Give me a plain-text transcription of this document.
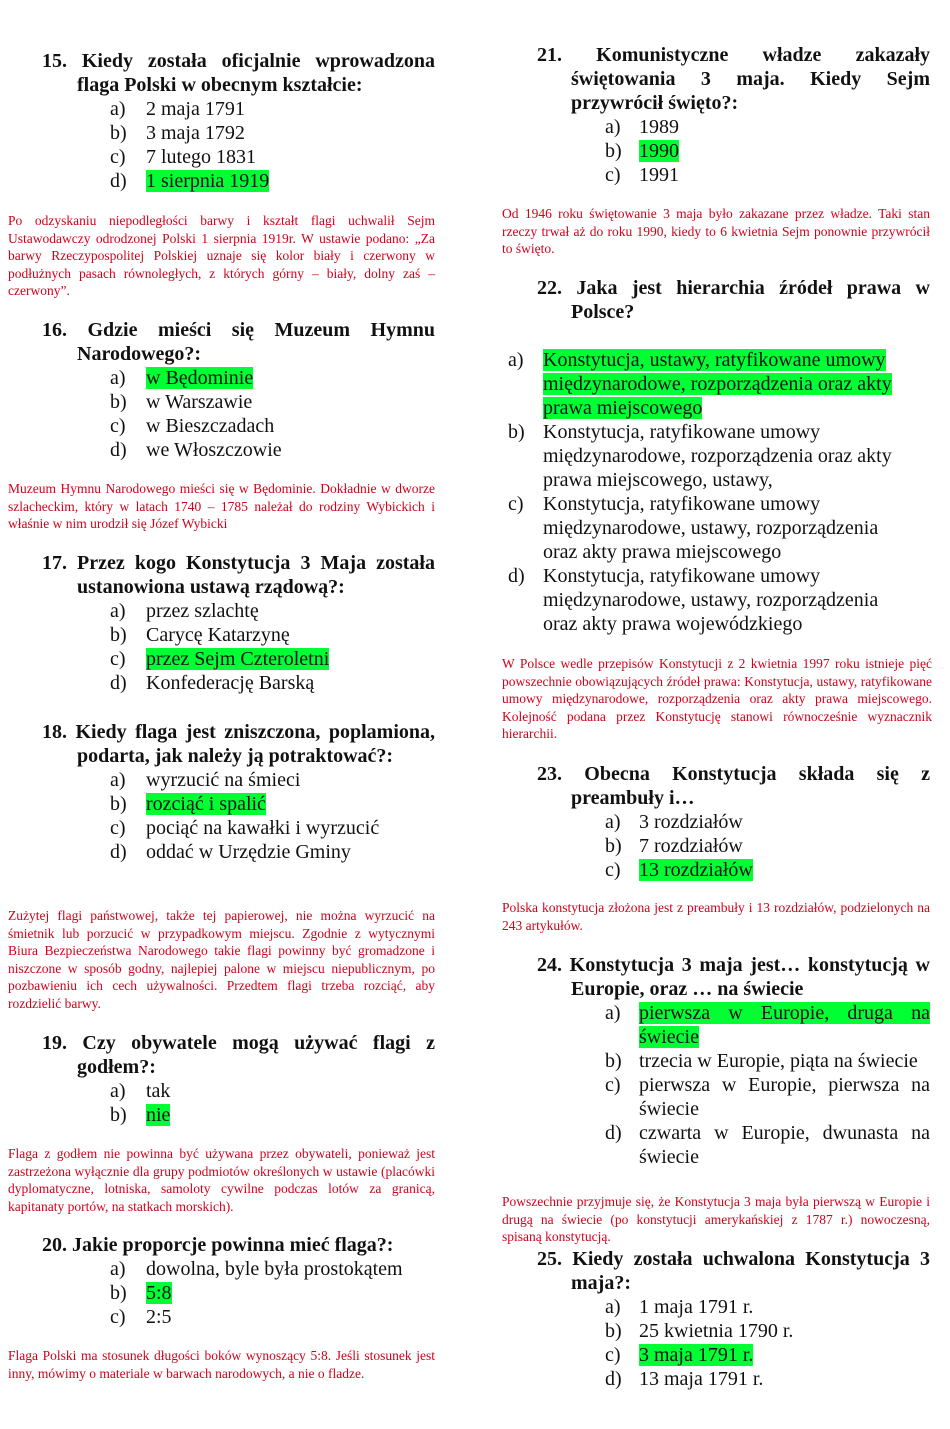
15. Kiedy została oficjalnie wprowadzona flaga Polski w obecnym kształcie:
a) 2 maja 1791
b) 3 maja 1792
c) 7 lutego 1831
d) 1 sierpnia 1919
Po odzyskaniu niepodległości barwy i kształt flagi uchwalił Sejm Ustawodawczy odrodzonej Polski 1 sierpnia 1919r. W ustawie podano: „Za barwy Rzeczypospolitej Polskiej uznaje się kolor biały i czerwony w podłużnych pasach równoległych, z których górny – biały, dolny zaś – czerwony”.
16. Gdzie mieści się Muzeum Hymnu Narodowego?:
a) w Będominie
b) w Warszawie
c) w Bieszczadach
d) we Włoszczowie
Muzeum Hymnu Narodowego mieści się w Będominie. Dokładnie w dworze szlacheckim, który w latach 1740 – 1785 należał do rodziny Wybickich i właśnie w nim urodził się Józef Wybicki
17. Przez kogo Konstytucja 3 Maja została ustanowiona ustawą rządową?:
a) przez szlachtę
b) Carycę Katarzynę
c) przez Sejm Czteroletni
d) Konfederację Barską
18. Kiedy flaga jest zniszczona, poplamiona, podarta, jak należy ją potraktować?:
a) wyrzucić na śmieci
b) rozciąć i spalić
c) pociąć na kawałki i wyrzucić
d) oddać w Urzędzie Gminy
Zużytej flagi państwowej, także tej papierowej, nie można wyrzucić na śmietnik lub porzucić w przypadkowym miejscu. Zgodnie z wytycznymi Biura Bezpieczeństwa Narodowego takie flagi powinny być gromadzone i niszczone w sposób godny, najlepiej palone w miejscu niepublicznym, po pozbawieniu ich cech używalności. Przedtem flagi trzeba rozciąć, aby rozdzielić barwy.
19. Czy obywatele mogą używać flagi z godłem?:
a) tak
b) nie
Flaga z godłem nie powinna być używana przez obywateli, ponieważ jest zastrzeżona wyłącznie dla grupy podmiotów określonych w ustawie (placówki dyplomatyczne, lotniska, samoloty cywilne podczas lotów za granicą, kapitanaty portów, na statkach morskich).
20. Jakie proporcje powinna mieć flaga?:
a) dowolna, byle była prostokątem
b) 5:8
c) 2:5
Flaga Polski ma stosunek długości boków wynoszący 5:8. Jeśli stosunek jest inny, mówimy o materiale w barwach narodowych, a nie o fladze.
21. Komunistyczne władze zakazały świętowania 3 maja. Kiedy Sejm przywrócił święto?:
a) 1989
b) 1990
c) 1991
Od 1946 roku świętowanie 3 maja było zakazane przez władze. Taki stan rzeczy trwał aż do roku 1990, kiedy to 6 kwietnia Sejm ponownie przywrócił to święto.
22. Jaka jest hierarchia źródeł prawa w Polsce?
a) Konstytucja, ustawy, ratyfikowane umowy międzynarodowe, rozporządzenia oraz akty prawa miejscowego
b) Konstytucja, ratyfikowane umowy międzynarodowe, rozporządzenia oraz akty prawa miejscowego, ustawy,
c) Konstytucja, ratyfikowane umowy międzynarodowe, ustawy, rozporządzenia oraz akty prawa miejscowego
d) Konstytucja, ratyfikowane umowy międzynarodowe, ustawy, rozporządzenia oraz akty prawa wojewódzkiego
W Polsce wedle przepisów Konstytucji z 2 kwietnia 1997 roku istnieje pięć powszechnie obowiązujących źródeł prawa: Konstytucja, ustawy, ratyfikowane umowy międzynarodowe, rozporządzenia oraz akty prawa miejscowego. Kolejność podana przez Konstytucję stanowi równocześnie wyznacznik hierarchii.
23. Obecna Konstytucja składa się z preambuły i…
a) 3 rozdziałów
b) 7 rozdziałów
c) 13 rozdziałów
Polska konstytucja złożona jest z preambuły i 13 rozdziałów, podzielonych na 243 artykułów.
24. Konstytucja 3 maja jest… konstytucją w Europie, oraz … na świecie
a) pierwsza w Europie, druga na świecie
b) trzecia w Europie, piąta na świecie
c) pierwsza w Europie, pierwsza na świecie
d) czwarta w Europie, dwunasta na świecie
Powszechnie przyjmuje się, że Konstytucja 3 maja była pierwszą w Europie i drugą na świecie (po konstytucji amerykańskiej z 1787 r.) nowoczesną, spisaną konstytucją.
25. Kiedy została uchwalona Konstytucja 3 maja?:
a) 1 maja 1791 r.
b) 25 kwietnia 1790 r.
c) 3 maja 1791 r.
d) 13 maja 1791 r.
